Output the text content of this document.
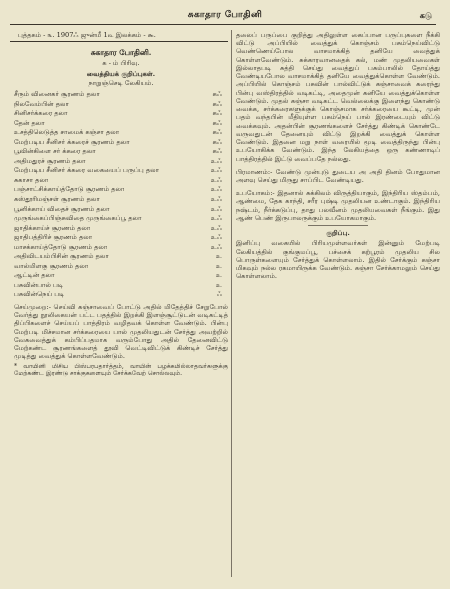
சுகாதார போதினி	கடு
புத்தகம் - ௩. 1907ஃ ஜுன்மீ 1௳ இலக்கம் - ௯.
சுகாதார போதினி.
க - ம் பிரிவு.
வைத்தியக் குறிப்புகள்.
நாறுஞ்செடி லேகியம்.
சீரும் வினைகர் சூரணம் தலா	கஃ
நிலவேம்பின் தலா	கஃ
சினிசர்க்கரை தலா	கஃ
தேன் தலா	கஃ
உசத்திலெடுத்த சாமைக் கஞ்சா தலா	கஃ
மேற்படிய சீனிசர் க்கரைச் சூரணம் தலா	கஃ
பூவின்கிளை சர் க்கரை தலா	கஃ
அதிமதுரச் சூரணம் தலா	உஃ
மேற்படிய சீனிசர் க்கரை வகையைப் பருப்பு தலா	உஃ
சுகாசா தலா	உஃ
பஞ்சாட்சிக்காய்த்தோடு சூரணம் தலா	உஃ
கஸ்தூரிமஞ்சள் சூரணம் தலா	உஃ
பூனிக்காய் விதைச் சூரணம் தலா	உஃ
முருங்கைப்பிஞ்சுவிதை முருங்கைப்பூ தலா	உஃ
ஜாதிக்காய்ச் சூரணம் தலா	உஃ
ஜாதிபத்திரிச் சூரணம் தலா	உஃ
மாசக்காய்த்தோடு சூரணம் தலா	உஃ
அதிவிடயம்பிசின் சூரணம் தலா	உ
வால்மிளகு சூரணம் தலா	உ
ஆட்டின் தலா	உ
பசுவின்பால் படி	உ
பசுவின்நெய் படி	ஃ
செய்முறை:- செய்வி கஞ்சாவைப் போட்டு அதில் மிதேத்திச் சேறுபோல் வேர்த்து நூலிகையன் பட்ட பதத்தில் இறக்கி இளஞ்சூட்டுடன் வடிகட்டித் திப்பிகளைச் செய்யப் பாத்திரம் வழிதவக் கொள்ள வேண்டும். பின்பு மேற்படி மிச்சமான சர்க்கரையை பால் முதலியதுடன் சேர்த்து அவற்றில் வேகவைத்துக் கம்பிப்பதமாக வரும்போது அதில் தேனைவிட்டு மேற்கண்ட சூரணங்களைத் தூவி வெட்டிவிட்டுக் கிண்டிச் சேர்த்து முடித்து வைத்துக் கொள்ளவேண்டும்.
* வாயினி மிசிய பிஸ்பரபதார்த்தம், வாயின் பழக்கமில்லாதவர்களுக்கு மேற்கண்ட இரண்டு சாக்குகளையும் சேர்க்கவேற் சொல்லவும்.
தலைப் பருப்பை குறித்து அதிலுள்ள கைப்பான பருப்புகளை நீக்கி விட்டு அப்பியில் வைத்துக் கொஞ்சம் பசும்நெய்விட்டு வெண்ணெய்போல வாசமாக்கித் தனியே வைத்துக் கொள்ளவேண்டும். சுக்காரவானதைக் கல், மண் முதலியவைகள் இல்லாதபடி சுத்தி செய்து வைத்துப் பசும்பாலில் தோய்த்து வேண்டியபோல வாசமாக்கித் தனியே வைத்துக்கொள்ள வேண்டும். அப்பியில் கொஞ்சம் பசுவின் பால்விட்டுக் கஞ்சாவைக் கரைந்து பின்பு வஸ்திரத்தில் வடிகட்டி, அதைமுன் கனியே வைத்துக்கொள்ள வேண்டும். முதல் கஞ்சா வடிகட்ட வெல்லைக்கு இளைந்து கொண்டு வைக்க, சர்க்கரைகளுக்குக் கொஞ்சமாக சர்க்கரையை கூட்டி, முன் பதம் வந்தபின் மீதியுள்ள பசும்நெய் பால் இரண்டையும் விட்டு வைக்கவும். அதன்பின் சூரணங்களைச் சேர்த்து கிண்டிக் கொண்டே வருவதுடன் தேனையும் விட்டு இறக்கி வைத்துக் கொள்ள வேண்டும். இதனை மறு நாள் வரையில் மூடி வைத்திருந்து பின்பு உபயோகிக்க வேண்டும். இந்த லேகியத்தை ஒரு கண்ணாடிப் பாத்திரத்தில் இட்டு வைப்பதே நல்லது.
பிரமாணம்:- வேண்டு முன்புடு துடைய அ அதி தினம் போதுமான அளவு செய்து மிருது சாப்பிட வேண்டியது.
உபயோகம்:- இதனால் சுக்கிலம் விருத்தியாகும், இந்திரிய ஸ்தம்பம், ஆண்மை, தேக காந்தி, சரீர புஷ்டி முதலியன உண்டாகும். இந்திரிய நஷ்டம், நீர்க்கடுப்பு, தாது பலவீனம் முதலியவைகள் நீங்கும். இது ஆண் பெண் இருபாலருக்கும் உபயோகமாகும்.
குறிப்பு.
இனிப்பு வகையில் பிரியமுள்ளவர்கள் இன்னும் மேற்படி லேகியத்தில் குங்குமப்பூ, பச்சைக் கற்பூரம் முதலிய சில பொருள்களையும் சேர்த்துக் கொள்ளலாம். இதில் சேர்க்கும் கஞ்சா மிகவும் நல்ல ரகமாயிருக்க வேண்டும். கஞ்சா சேர்க்காமலும் செய்து கொள்ளலாம்.
